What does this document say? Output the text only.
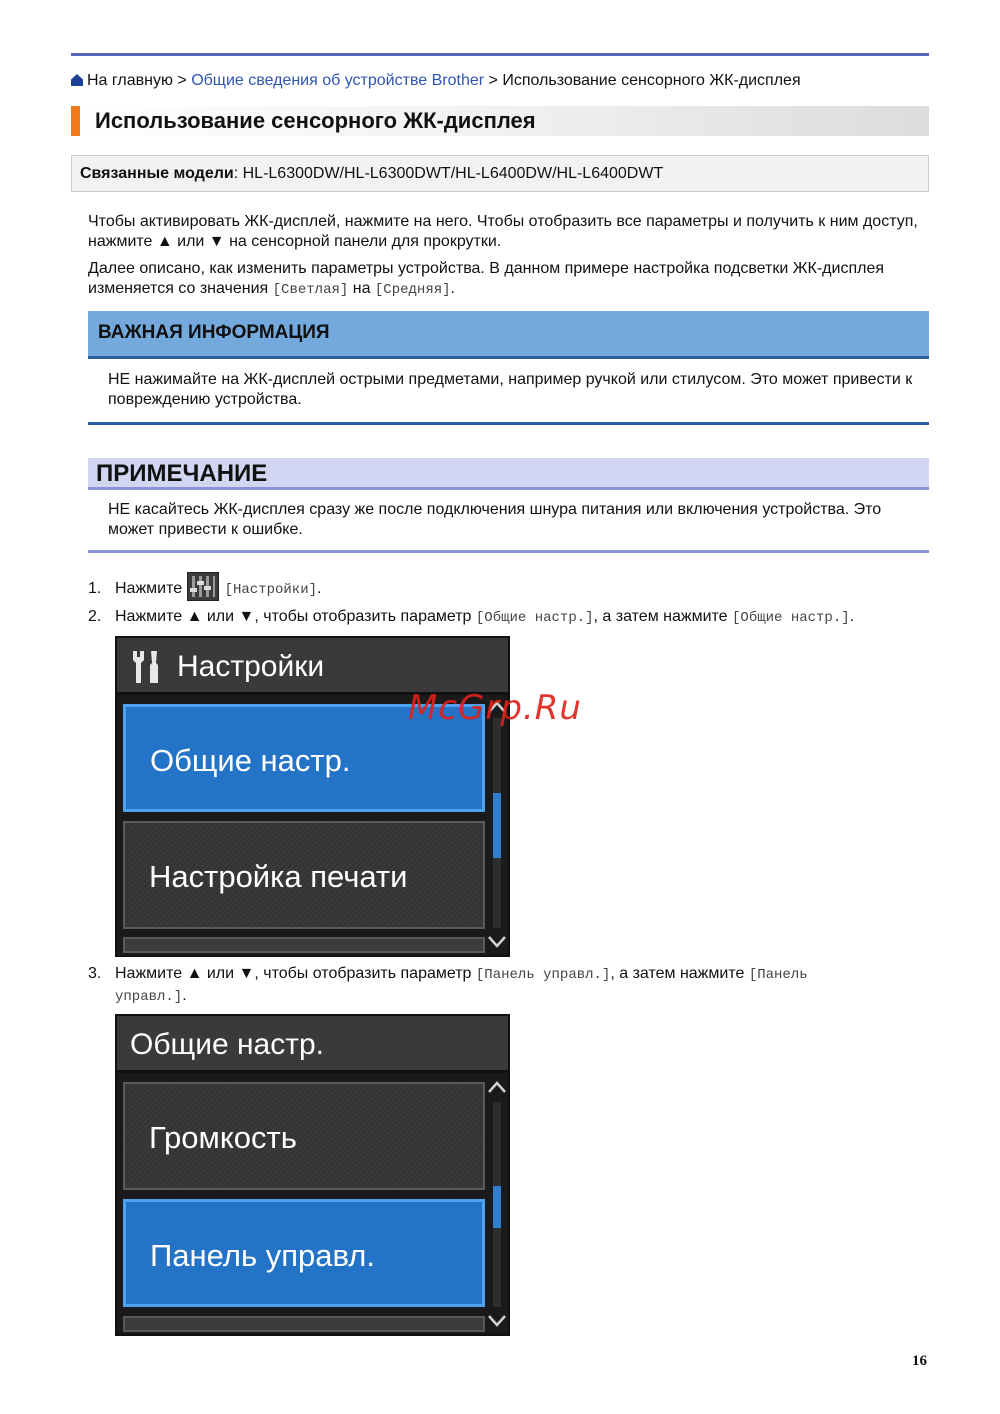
На главную > Общие сведения об устройстве Brother > Использование сенсорного ЖК-дисплея
Использование сенсорного ЖК-дисплея
Связанные модели: HL-L6300DW/HL-L6300DWT/HL-L6400DW/HL-L6400DWT

Чтобы активировать ЖК-дисплей, нажмите на него. Чтобы отобразить все параметры и получить к ним доступ, нажмите ▲ или ▼ на сенсорной панели для прокрутки.

Далее описано, как изменить параметры устройства. В данном примере настройка подсветки ЖК-дисплея изменяется со значения [Светлая] на [Средняя].

ВАЖНАЯ ИНФОРМАЦИЯ
НЕ нажимайте на ЖК-дисплей острыми предметами, например ручкой или стилусом. Это может привести к повреждению устройства.
ПРИМЕЧАНИЕ
НЕ касайтесь ЖК-дисплея сразу же после подключения шнура питания или включения устройства. Это может привести к ошибке.
1. Нажмите	[Настройки].
2. Нажмите ▲ или ▼, чтобы отобразить параметр [Общие настр.], а затем нажмите [Общие настр.].
Настройки
Общие настр.
Настройка печати
3. Нажмите ▲ или ▼, чтобы отобразить параметр [Панель управл.], а затем нажмите [Панель
управл.].
Общие настр.
Громкость
Панель управл.
McGrp.Ru
16
